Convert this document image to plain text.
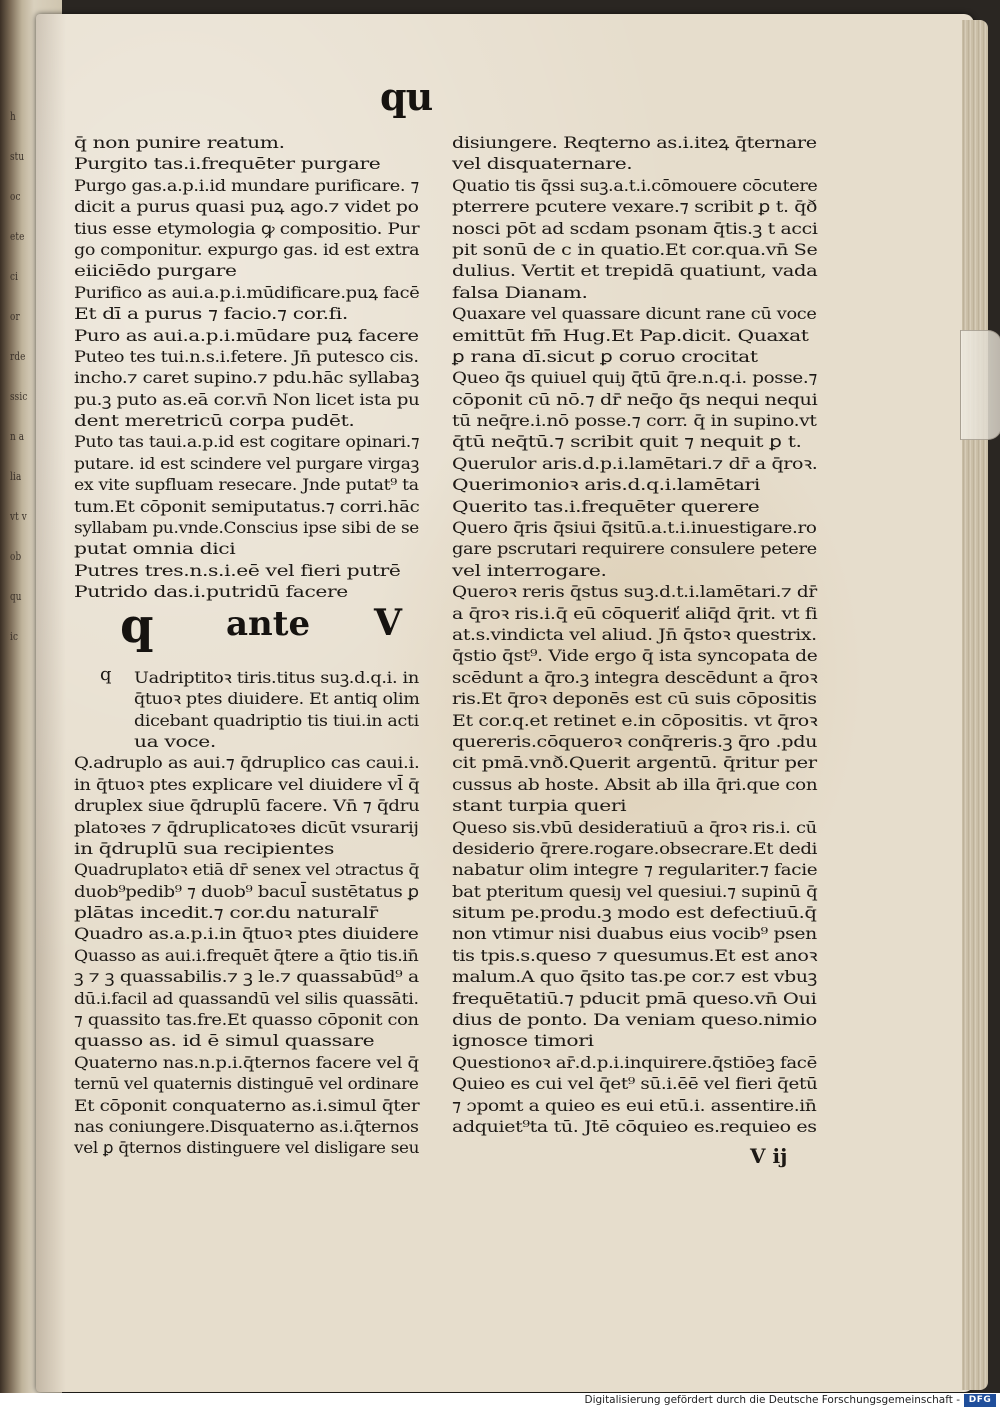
h
stu
oc
ete
ci
or
rde
ssic
n a
lia
vt v
ob
qu
ic
qu
q̄ non punire reatum.
Purgito tas.i.frequēter purgare
Purgo gas.a.p.i.id mundare purificare. ⁊
dicit a purus quasi puꝝ ago.⁊ videt po
tius esse etymologia ꝙ compositio. Pur
go componitur. expurgo gas. id est extra
eiiciēdo purgare
Purifico as aui.a.p.i.mūdificare.puꝝ facē
Et dī a purus ⁊ facio.⁊ cor.fi.
Puro as aui.a.p.i.mūdare puꝝ facere
Puteo tes tui.n.s.i.fetere. Jn̄ putesco cis.
incho.⁊ caret supino.⁊ pdu.hāc syllabaꝫ
pu.ꝫ puto as.eā cor.vn̄ Non licet ista pu
dent meretricū corpa pudēt.
Puto tas taui.a.p.id est cogitare opinari.⁊
putare. id est scindere vel purgare virgaꝫ
ex vite supfluam resecare. Jnde putat⁹ ta
tum.Et cōponit semiputatus.⁊ corri.hāc
syllabam pu.vnde.Conscius ipse sibi de se
putat omnia dici
Putres tres.n.s.i.eē vel fieri putrē
Putrido das.i.putridū facere
Uadriptitoꝛ tiris.titus suꝫ.d.q.i. in
q̄tuoꝛ ptes diuidere. Et antiq olim
dicebant quadriptio tis tiui.in acti
ua voce.
Q.adruplo as aui.⁊ q̄druplico cas caui.i.
in q̄tuoꝛ ptes explicare vel diuidere vl̄ q̄
druplex siue q̄druplū facere. Vn̄ ⁊ q̄dru
platoꝛes ⁊ q̄druplicatoꝛes dicūt vsurarij
in q̄druplū sua recipientes
Quadruplatoꝛ etiā dr̄ senex vel ɔtractus q̄
duob⁹pedib⁹ ⁊ duob⁹ bacul̄ sustētatus ꝑ
plātas incedit.⁊ cor.du naturalr̄
Quadro as.a.p.i.in q̄tuoꝛ ptes diuidere
Quasso as aui.i.frequēt q̄tere a q̄tio tis.in̄
ꝫ ⁊ ꝫ quassabilis.⁊ ꝫ le.⁊ quassabūd⁹ a
dū.i.facil ad quassandū vel silis quassāti.
⁊ quassito tas.fre.Et quasso cōponit con
quasso as. id ē simul quassare
Quaterno nas.n.p.i.q̄ternos facere vel q̄
ternū vel quaternis distinguē vel ordinare
Et cōponit conquaterno as.i.simul q̄ter
nas coniungere.Disquaterno as.i.q̄ternos
vel ꝑ q̄ternos distinguere vel disligare seu
disiungere. Reqterno as.i.iteꝝ q̄ternare
vel disquaternare.
Quatio tis q̄ssi suꝫ.a.t.i.cōmouere cōcutere
pterrere pcutere vexare.⁊ scribit ꝑ t. q̄ð
nosci pōt ad scdam psonam q̄tis.ꝫ t acci
pit sonū de c in quatio.Et cor.qua.vn̄ Se
dulius. Vertit et trepidā quatiunt, vada
falsa Dianam.
Quaxare vel quassare dicunt rane cū voce
emittūt fm̄ Hug.Et Pap.dicit. Quaxat
ꝑ rana dī.sicut ꝑ coruo crocitat
Queo q̄s quiuel quiȷ q̄tū q̄re.n.q.i. posse.⁊
cōponit cū nō.⁊ dr̄ neq̄o q̄s nequi nequi
tū neq̄re.i.nō posse.⁊ corr. q̄ in supino.vt
q̄tū neq̄tū.⁊ scribit quit ⁊ nequit ꝑ t.
Querulor aris.d.p.i.lamētari.⁊ dr̄ a q̄roꝛ.
Querimonioꝛ aris.d.q.i.lamētari
Querito tas.i.frequēter querere
Quero q̄ris q̄siui q̄sitū.a.t.i.inuestigare.ro
gare pscrutari requirere consulere petere
vel interrogare.
Queroꝛ reris q̄stus suꝫ.d.t.i.lamētari.⁊ dr̄
a q̄roꝛ ris.i.q̄ eū cōqueriť aliq̄d q̄rit. vt fi
at.s.vindicta vel aliud. Jn̄ q̄stoꝛ questrix.
q̄stio q̄st⁹. Vide ergo q̄ ista syncopata de
scēdunt a q̄ro.ꝫ integra descēdunt a q̄roꝛ
ris.Et q̄roꝛ deponēs est cū suis cōpositis
Et cor.q.et retinet e.in cōpositis. vt q̄roꝛ
quereris.cōqueroꝛ conq̄reris.ꝫ q̄ro .pdu
cit pmā.vnð.Querit argentū. q̄ritur per
cussus ab hoste. Absit ab illa q̄ri.que con
stant turpia queri
Queso sis.vbū desideratiuū a q̄roꝛ ris.i. cū
desiderio q̄rere.rogare.obsecrare.Et dedi
nabatur olim integre ⁊ regulariter.⁊ facie
bat pteritum quesiȷ vel quesiui.⁊ supinū q̄
situm pe.produ.ꝫ modo est defectiuū.q̄
non vtimur nisi duabus eius vocib⁹ psen
tis tpis.s.queso ⁊ quesumus.Et est anoꝛ
malum.A quo q̄sito tas.pe cor.⁊ est vbuꝫ
frequētatiū.⁊ pducit pmā queso.vn̄ Oui
dius de ponto. Da veniam queso.nimio
ignosce timori
Questionoꝛ ar̄.d.p.i.inquirere.q̄stiōeꝫ facē
Quieo es cui vel q̄et⁹ sū.i.ēē vel fieri q̄etū
⁊ ɔpomt a quieo es eui etū.i. assentire.in̄
adquiet⁹ta tū. Jtē cōquieo es.requieo es
q ante V
q
V ij
Digitalisierung gefördert durch die Deutsche Forschungsgemeinschaft - DFG
